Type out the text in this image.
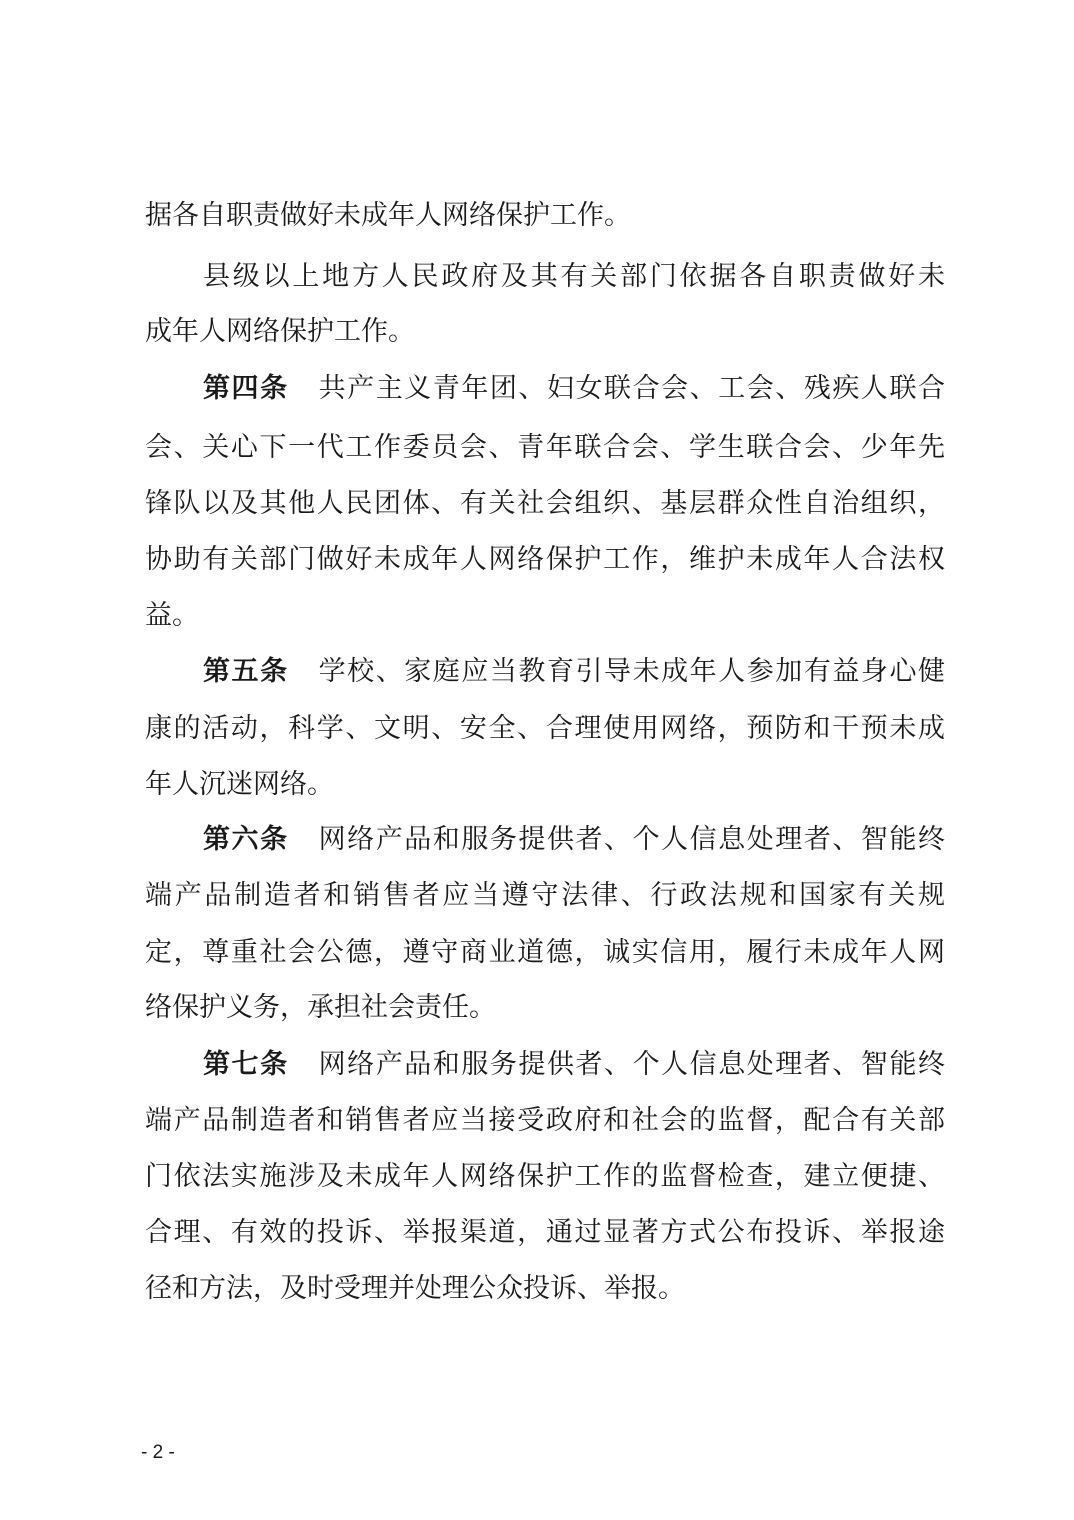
据各自职责做好未成年人网络保护工作。
县级以上地方人民政府及其有关部门依据各自职责做好未
成年人网络保护工作。
第四条 共产主义青年团、妇女联合会、工会、残疾人联合
会、关心下一代工作委员会、青年联合会、学生联合会、少年先
锋队以及其他人民团体、有关社会组织、基层群众性自治组织，
协助有关部门做好未成年人网络保护工作，维护未成年人合法权
益。
第五条 学校、家庭应当教育引导未成年人参加有益身心健
康的活动，科学、文明、安全、合理使用网络，预防和干预未成
年人沉迷网络。
第六条 网络产品和服务提供者、个人信息处理者、智能终
端产品制造者和销售者应当遵守法律、行政法规和国家有关规
定，尊重社会公德，遵守商业道德，诚实信用，履行未成年人网
络保护义务，承担社会责任。
第七条 网络产品和服务提供者、个人信息处理者、智能终
端产品制造者和销售者应当接受政府和社会的监督，配合有关部
门依法实施涉及未成年人网络保护工作的监督检查，建立便捷、
合理、有效的投诉、举报渠道，通过显著方式公布投诉、举报途
径和方法，及时受理并处理公众投诉、举报。
- 2 -
